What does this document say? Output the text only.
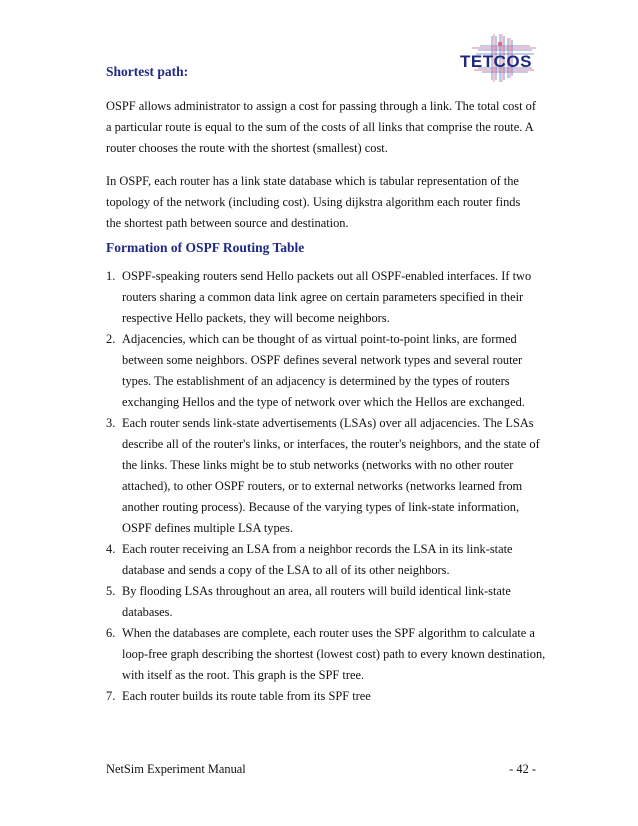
TETCOS
Shortest path:
OSPF allows administrator to assign a cost for passing through a link. The total cost of a particular route is equal to the sum of the costs of all links that comprise the route. A router chooses the route with the shortest (smallest) cost.
In OSPF, each router has a link state database which is tabular representation of the topology of the network (including cost). Using dijkstra algorithm each router finds the shortest path between source and destination.
Formation of OSPF Routing Table
1. OSPF-speaking routers send Hello packets out all OSPF-enabled interfaces. If two routers sharing a common data link agree on certain parameters specified in their respective Hello packets, they will become neighbors.
2. Adjacencies, which can be thought of as virtual point-to-point links, are formed between some neighbors. OSPF defines several network types and several router types. The establishment of an adjacency is determined by the types of routers exchanging Hellos and the type of network over which the Hellos are exchanged.
3. Each router sends link-state advertisements (LSAs) over all adjacencies. The LSAs describe all of the router's links, or interfaces, the router's neighbors, and the state of the links. These links might be to stub networks (networks with no other router attached), to other OSPF routers, or to external networks (networks learned from another routing process). Because of the varying types of link-state information, OSPF defines multiple LSA types.
4. Each router receiving an LSA from a neighbor records the LSA in its link-state database and sends a copy of the LSA to all of its other neighbors.
5. By flooding LSAs throughout an area, all routers will build identical link-state databases.
6. When the databases are complete, each router uses the SPF algorithm to calculate a loop-free graph describing the shortest (lowest cost) path to every known destination, with itself as the root. This graph is the SPF tree.
7. Each router builds its route table from its SPF tree
NetSim Experiment Manual	- 42 -
